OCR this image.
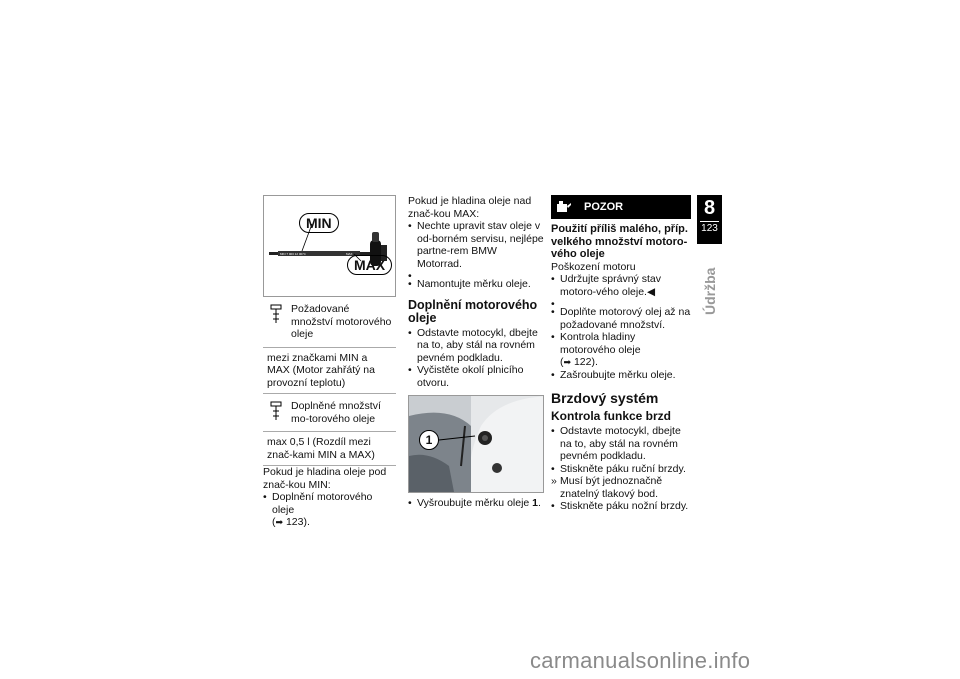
MIN 7 903 12 0074	MAX
MIN
MAX
Požadované množství motorového oleje
mezi značkami MIN a MAX (Motor zahřátý na provozní teplotu)
Doplněné množství mo-torového oleje
max 0,5 l (Rozdíl mezi znač-kami MIN a MAX)
Pokud je hladina oleje pod znač-kou MIN:
• Doplnění motorového oleje
(➡ 123).
Pokud je hladina oleje nad znač-kou MAX:
• Nechte upravit stav oleje v od-borném servisu, nejlépe partne-rem BMW Motorrad.
•
• Namontujte měrku oleje.
Doplnění motorového oleje
• Odstavte motocykl, dbejte na to, aby stál na rovném pevném podkladu.
• Vyčistěte okolí plnicího otvoru.
1
• Vyšroubujte měrku oleje 1.
POZOR
Použití příliš malého, příp. velkého množství motoro-vého oleje
Poškození motoru
• Udržujte správný stav motoro-vého oleje.◀
•
• Doplňte motorový olej až na požadované množství.
• Kontrola hladiny motorového oleje
(➡ 122).
• Zašroubujte měrku oleje.
Brzdový systém
Kontrola funkce brzd
• Odstavte motocykl, dbejte na to, aby stál na rovném pevném podkladu.
• Stiskněte páku ruční brzdy.
» Musí být jednoznačně znatelný tlakový bod.
• Stiskněte páku nožní brzdy.
8
123
Údržba
carmanualsonline.info
